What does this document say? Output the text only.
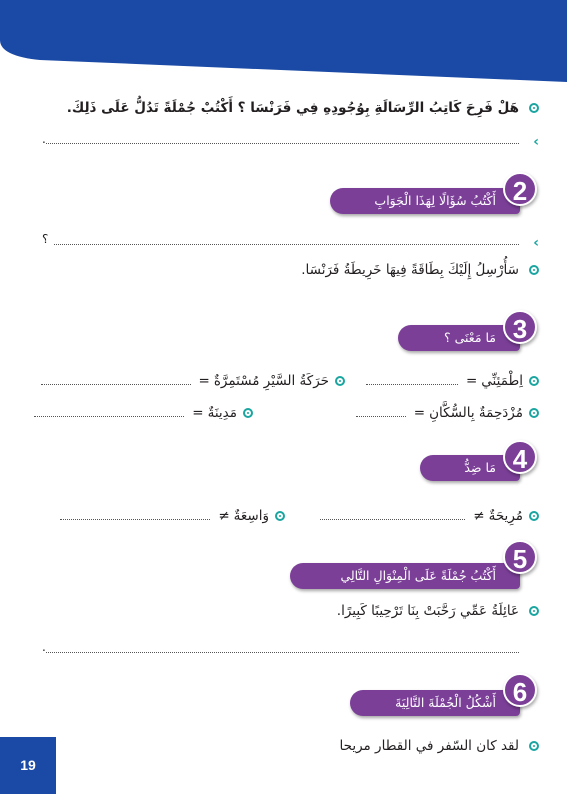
هَلْ فَرِحَ كَاتِبُ الرِّسَالَةِ بِوُجُودِهِ فِي فَرَنْسَا ؟ أَكْتُبْ جُمْلَةً تَدُلُّ عَلَى ذَلِكَ.
‹
.
أَكْتُبُ سُؤَالًا لِهَذَا الْجَوَابِ 2
‹
؟
سَأُرْسِلُ إِلَيْكَ بِطَاقَةً فِيهَا خَرِيطَةُ فَرَنْسَا.
مَا مَعْنَى ؟ 3
اِطْمَئِنِّي
=
حَرَكَةُ السَّيْرِ مُسْتَمِرَّةٌ
=
مُزْدَحِمَةٌ بِالسُّكَّانِ
=
مَدِينَةٌ
=
مَا ضِدُّ 4
مُرِيحَةٌ
≠
وَاسِعَةٌ
≠
أَكْتُبُ جُمْلَةً عَلَى الْمِنْوَالِ التَّالِي
5
عَائِلَةُ عَمِّي رَحَّبَتْ بِنَا تَرْحِيبًا كَبِيرًا.
.
أَشْكُلُ الْجُمْلَةَ التَّالِيَةَ 6
لقد كان السّفر في القطار مريحا
19
